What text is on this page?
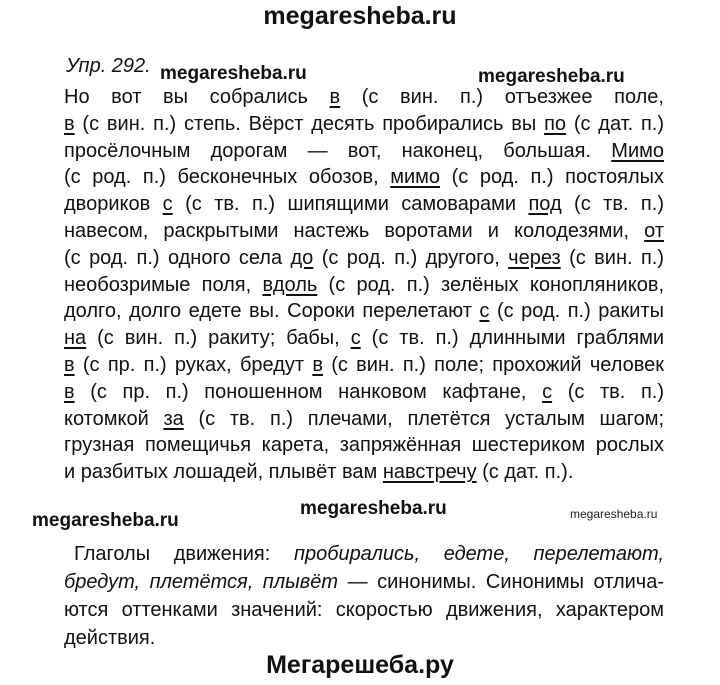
megaresheba.ru
Упр. 292. megaresheba.ru	megaresheba.ru
Но вот вы собрались в (с вин. п.) отъезжее поле,
в (с вин. п.) степь. Вёрст десять пробирались вы по (с дат. п.)
просёлочным дорогам — вот, наконец, большая. Мимо
(с род. п.) бесконечных обозов, мимо (с род. п.) постоялых
двориков с (с тв. п.) шипящими самоварами под (с тв. п.)
навесом, раскрытыми настежь воротами и колодезями, от
(с род. п.) одного села до (с род. п.) другого, через (с вин. п.)
необозримые поля, вдоль (с род. п.) зелёных конопляников,
долго, долго едете вы. Сороки перелетают с (с род. п.) ракиты
на (с вин. п.) ракиту; бабы, с (с тв. п.) длинными граблями
в (с пр. п.) руках, бредут в (с вин. п.) поле; прохожий человек
в (с пр. п.) поношенном нанковом кафтане, с (с тв. п.)
котомкой за (с тв. п.) плечами, плетётся усталым шагом;
грузная помещичья карета, запряжённая шестериком рослых
и разбитых лошадей, плывёт вам навстречу (с дат. п.).
megaresheba.ru
megaresheba.ru	megaresheba.ru
Глаголы движения: пробирались, едете, перелетают,
бредут, плетётся, плывёт — синонимы. Синонимы отлича-
ются оттенками значений: скоростью движения, характером
действия.
Мегарешеба.ру
